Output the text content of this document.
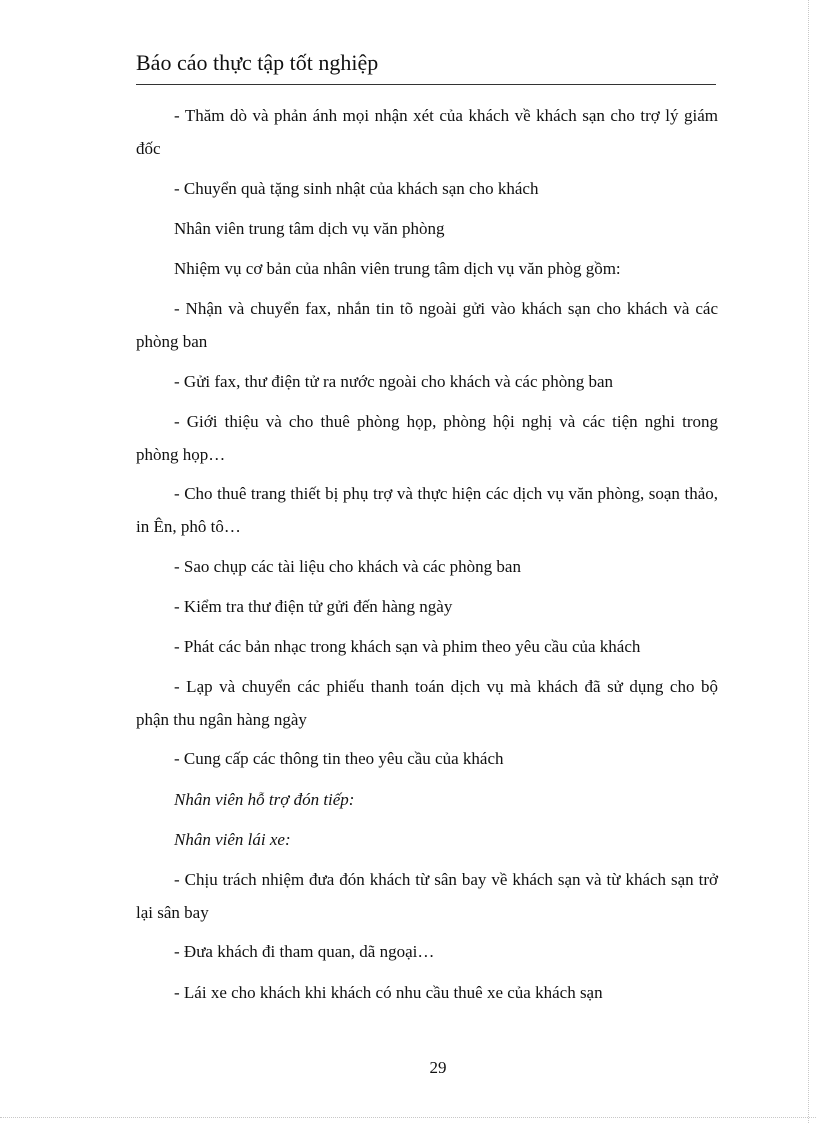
Báo cáo thực tập tốt nghiệp

- Thăm dò và phản ánh mọi nhận xét của khách về khách sạn cho trợ lý giám đốc

- Chuyển quà tặng sinh nhật của khách sạn cho khách

Nhân viên trung tâm dịch vụ văn phòng

Nhiệm vụ cơ bản của nhân viên trung tâm dịch vụ văn phòg gồm:

- Nhận và chuyển fax, nhắn tin tõ ngoài gửi vào khách sạn cho khách và các phòng ban

- Gửi fax, thư điện tử ra nước ngoài cho khách và các phòng ban

- Giới thiệu và cho thuê phòng họp, phòng hội nghị và các tiện nghi trong phòng họp…

- Cho thuê trang thiết bị phụ trợ và thực hiện các dịch vụ văn phòng, soạn thảo, in Ên, phô tô…

- Sao chụp các tài liệu cho khách và các phòng ban

- Kiểm tra thư điện tử gửi đến hàng ngày

- Phát các bản nhạc trong khách sạn và phim theo yêu cầu của khách

- Lạp và chuyển các phiếu thanh toán dịch vụ mà khách đã sử dụng cho bộ phận thu ngân hàng ngày

- Cung cấp các thông tin theo yêu cầu của khách

Nhân viên hỗ trợ đón tiếp:

Nhân viên lái xe:

- Chịu trách nhiệm đưa đón khách từ sân bay về khách sạn và từ khách sạn trở lại sân bay

- Đưa khách đi tham quan, dã ngoại…

- Lái xe cho khách khi khách có nhu cầu thuê xe của khách sạn

29
